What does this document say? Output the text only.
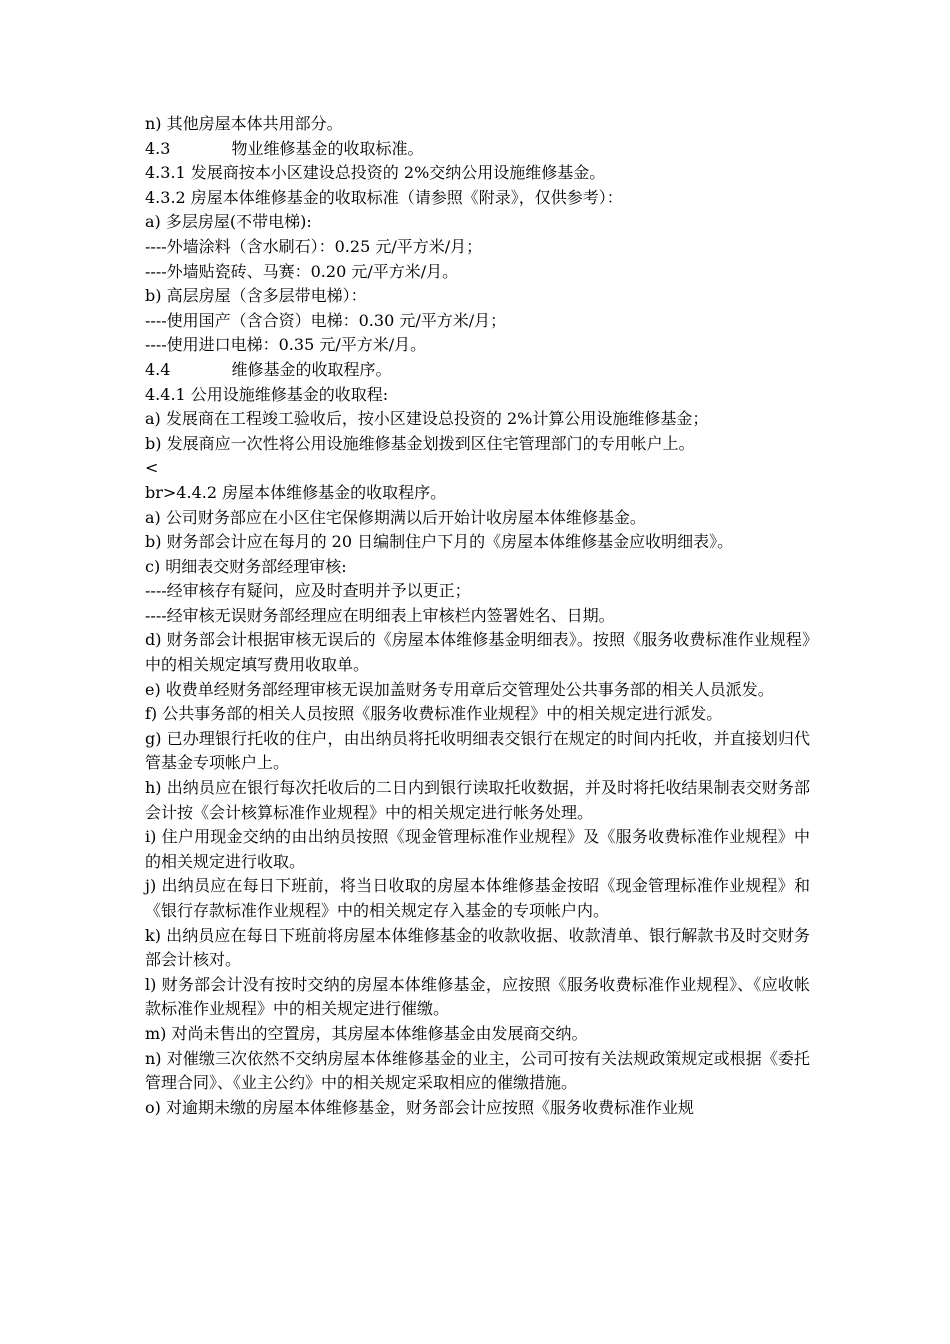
n) 其他房屋本体共用部分。

4.3            物业维修基金的收取标准。

4.3.1 发展商按本小区建设总投资的 2%交纳公用设施维修基金。

4.3.2 房屋本体维修基金的收取标准（请参照《附录》，仅供参考）：

a) 多层房屋(不带电梯):

----外墙涂料（含水刷石）：0.25 元/平方米/月；

----外墙贴瓷砖、马赛：0.20 元/平方米/月。

b) 高层房屋（含多层带电梯）：

----使用国产（含合资）电梯：0.30 元/平方米/月；

----使用进口电梯：0.35 元/平方米/月。

4.4            维修基金的收取程序。

4.4.1 公用设施维修基金的收取程:

a) 发展商在工程竣工验收后，按小区建设总投资的 2%计算公用设施维修基金；

b) 发展商应一次性将公用设施维修基金划拨到区住宅管理部门的专用帐户上。

<

br>4.4.2 房屋本体维修基金的收取程序。

a) 公司财务部应在小区住宅保修期满以后开始计收房屋本体维修基金。

b) 财务部会计应在每月的 20 日编制住户下月的《房屋本体维修基金应收明细表》。

c) 明细表交财务部经理审核:

----经审核存有疑问，应及时查明并予以更正；

----经审核无误财务部经理应在明细表上审核栏内签署姓名、日期。

d) 财务部会计根据审核无误后的《房屋本体维修基金明细表》。按照《服务收费标准作业规程》中的相关规定填写费用收取单。

e) 收费单经财务部经理审核无误加盖财务专用章后交管理处公共事务部的相关人员派发。

f) 公共事务部的相关人员按照《服务收费标准作业规程》中的相关规定进行派发。

g) 已办理银行托收的住户，由出纳员将托收明细表交银行在规定的时间内托收，并直接划归代管基金专项帐户上。

h) 出纳员应在银行每次托收后的二日内到银行读取托收数据，并及时将托收结果制表交财务部会计按《会计核算标准作业规程》中的相关规定进行帐务处理。

i) 住户用现金交纳的由出纳员按照《现金管理标准作业规程》及《服务收费标准作业规程》中的相关规定进行收取。

j) 出纳员应在每日下班前，将当日收取的房屋本体维修基金按昭《现金管理标准作业规程》和《银行存款标准作业规程》中的相关规定存入基金的专项帐户内。

k) 出纳员应在每日下班前将房屋本体维修基金的收款收据、收款清单、银行解款书及时交财务部会计核对。

l) 财务部会计没有按时交纳的房屋本体维修基金，应按照《服务收费标准作业规程》、《应收帐款标准作业规程》中的相关规定进行催缴。

m) 对尚未售出的空置房，其房屋本体维修基金由发展商交纳。

n) 对催缴三次依然不交纳房屋本体维修基金的业主，公司可按有关法规政策规定或根据《委托管理合同》、《业主公约》中的相关规定采取相应的催缴措施。

o) 对逾期未缴的房屋本体维修基金，财务部会计应按照《服务收费标准作业规
